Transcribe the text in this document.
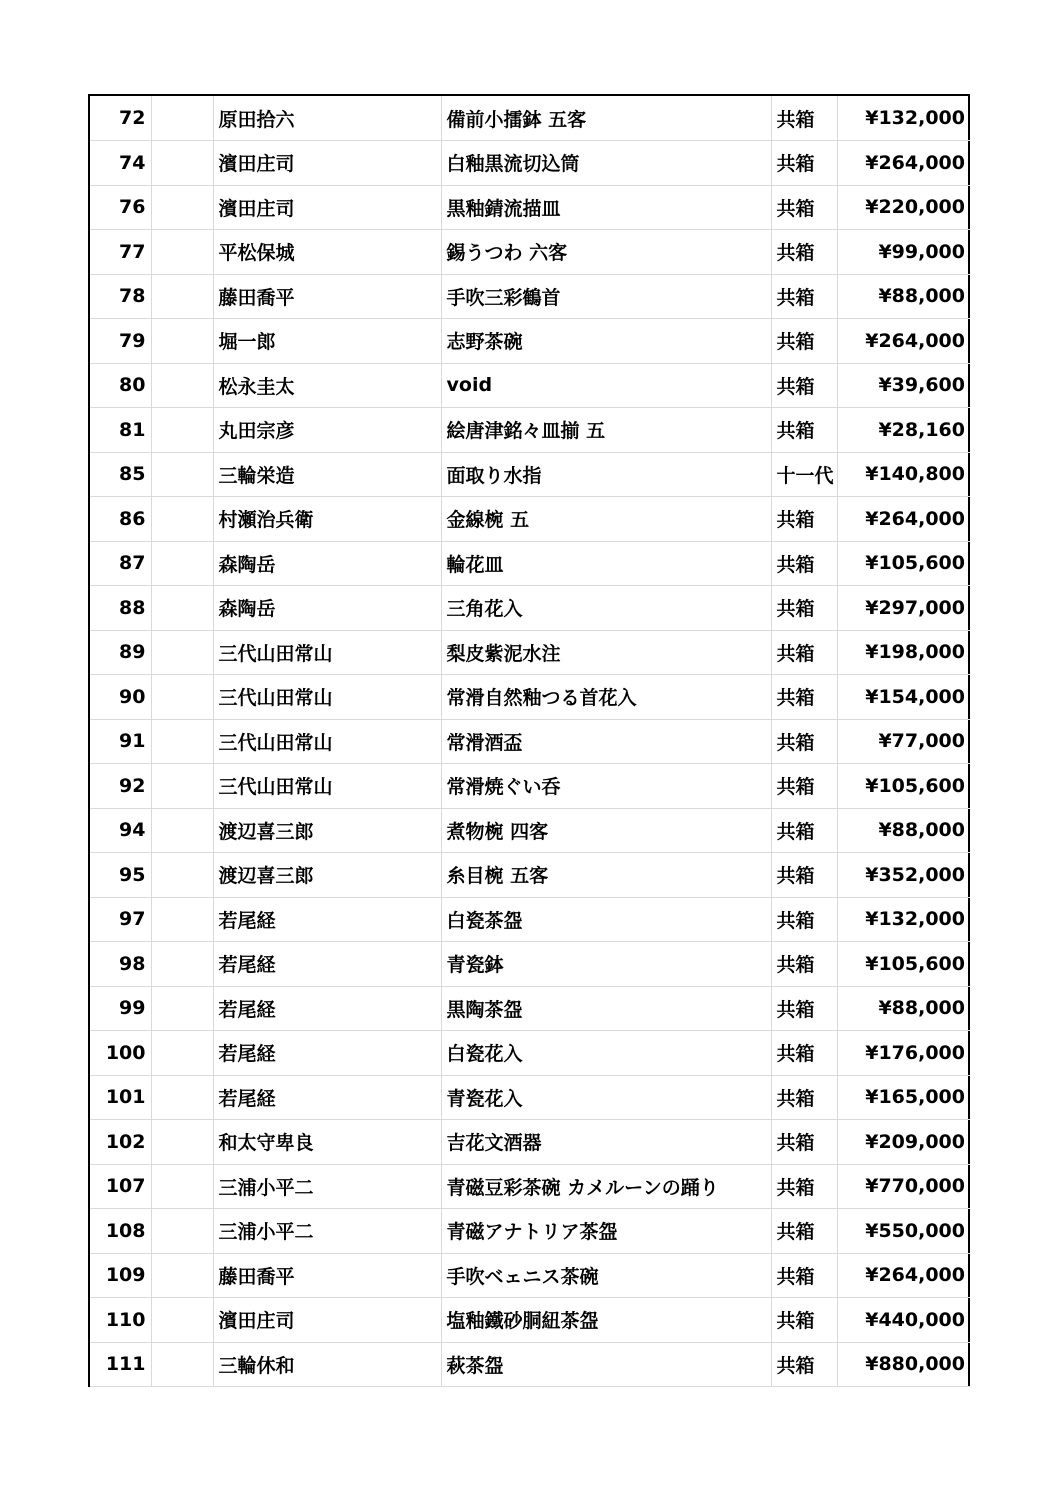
72		原田拾六	備前小擂鉢 五客	共箱	¥132,000
74		濱田庄司	白釉黒流切込筒	共箱	¥264,000
76		濱田庄司	黒釉錆流描皿	共箱	¥220,000
77		平松保城	錫うつわ 六客	共箱	¥99,000
78		藤田喬平	手吹三彩鶴首	共箱	¥88,000
79		堀一郎	志野茶碗	共箱	¥264,000
80		松永圭太	void	共箱	¥39,600
81		丸田宗彦	絵唐津銘々皿揃 五	共箱	¥28,160
85		三輪栄造	面取り水指	十一代	¥140,800
86		村瀬治兵衛	金線椀 五	共箱	¥264,000
87		森陶岳	輪花皿	共箱	¥105,600
88		森陶岳	三角花入	共箱	¥297,000
89		三代山田常山	梨皮紫泥水注	共箱	¥198,000
90		三代山田常山	常滑自然釉つる首花入	共箱	¥154,000
91		三代山田常山	常滑酒盃	共箱	¥77,000
92		三代山田常山	常滑焼ぐい呑	共箱	¥105,600
94		渡辺喜三郎	煮物椀 四客	共箱	¥88,000
95		渡辺喜三郎	糸目椀 五客	共箱	¥352,000
97		若尾経	白瓷茶盌	共箱	¥132,000
98		若尾経	青瓷鉢	共箱	¥105,600
99		若尾経	黒陶茶盌	共箱	¥88,000
100		若尾経	白瓷花入	共箱	¥176,000
101		若尾経	青瓷花入	共箱	¥165,000
102		和太守卑良	吉花文酒器	共箱	¥209,000
107		三浦小平二	青磁豆彩茶碗 カメルーンの踊り	共箱	¥770,000
108		三浦小平二	青磁アナトリア茶盌	共箱	¥550,000
109		藤田喬平	手吹ベェニス茶碗	共箱	¥264,000
110		濱田庄司	塩釉鐵砂胴紐茶盌	共箱	¥440,000
111		三輪休和	萩茶盌	共箱	¥880,000
